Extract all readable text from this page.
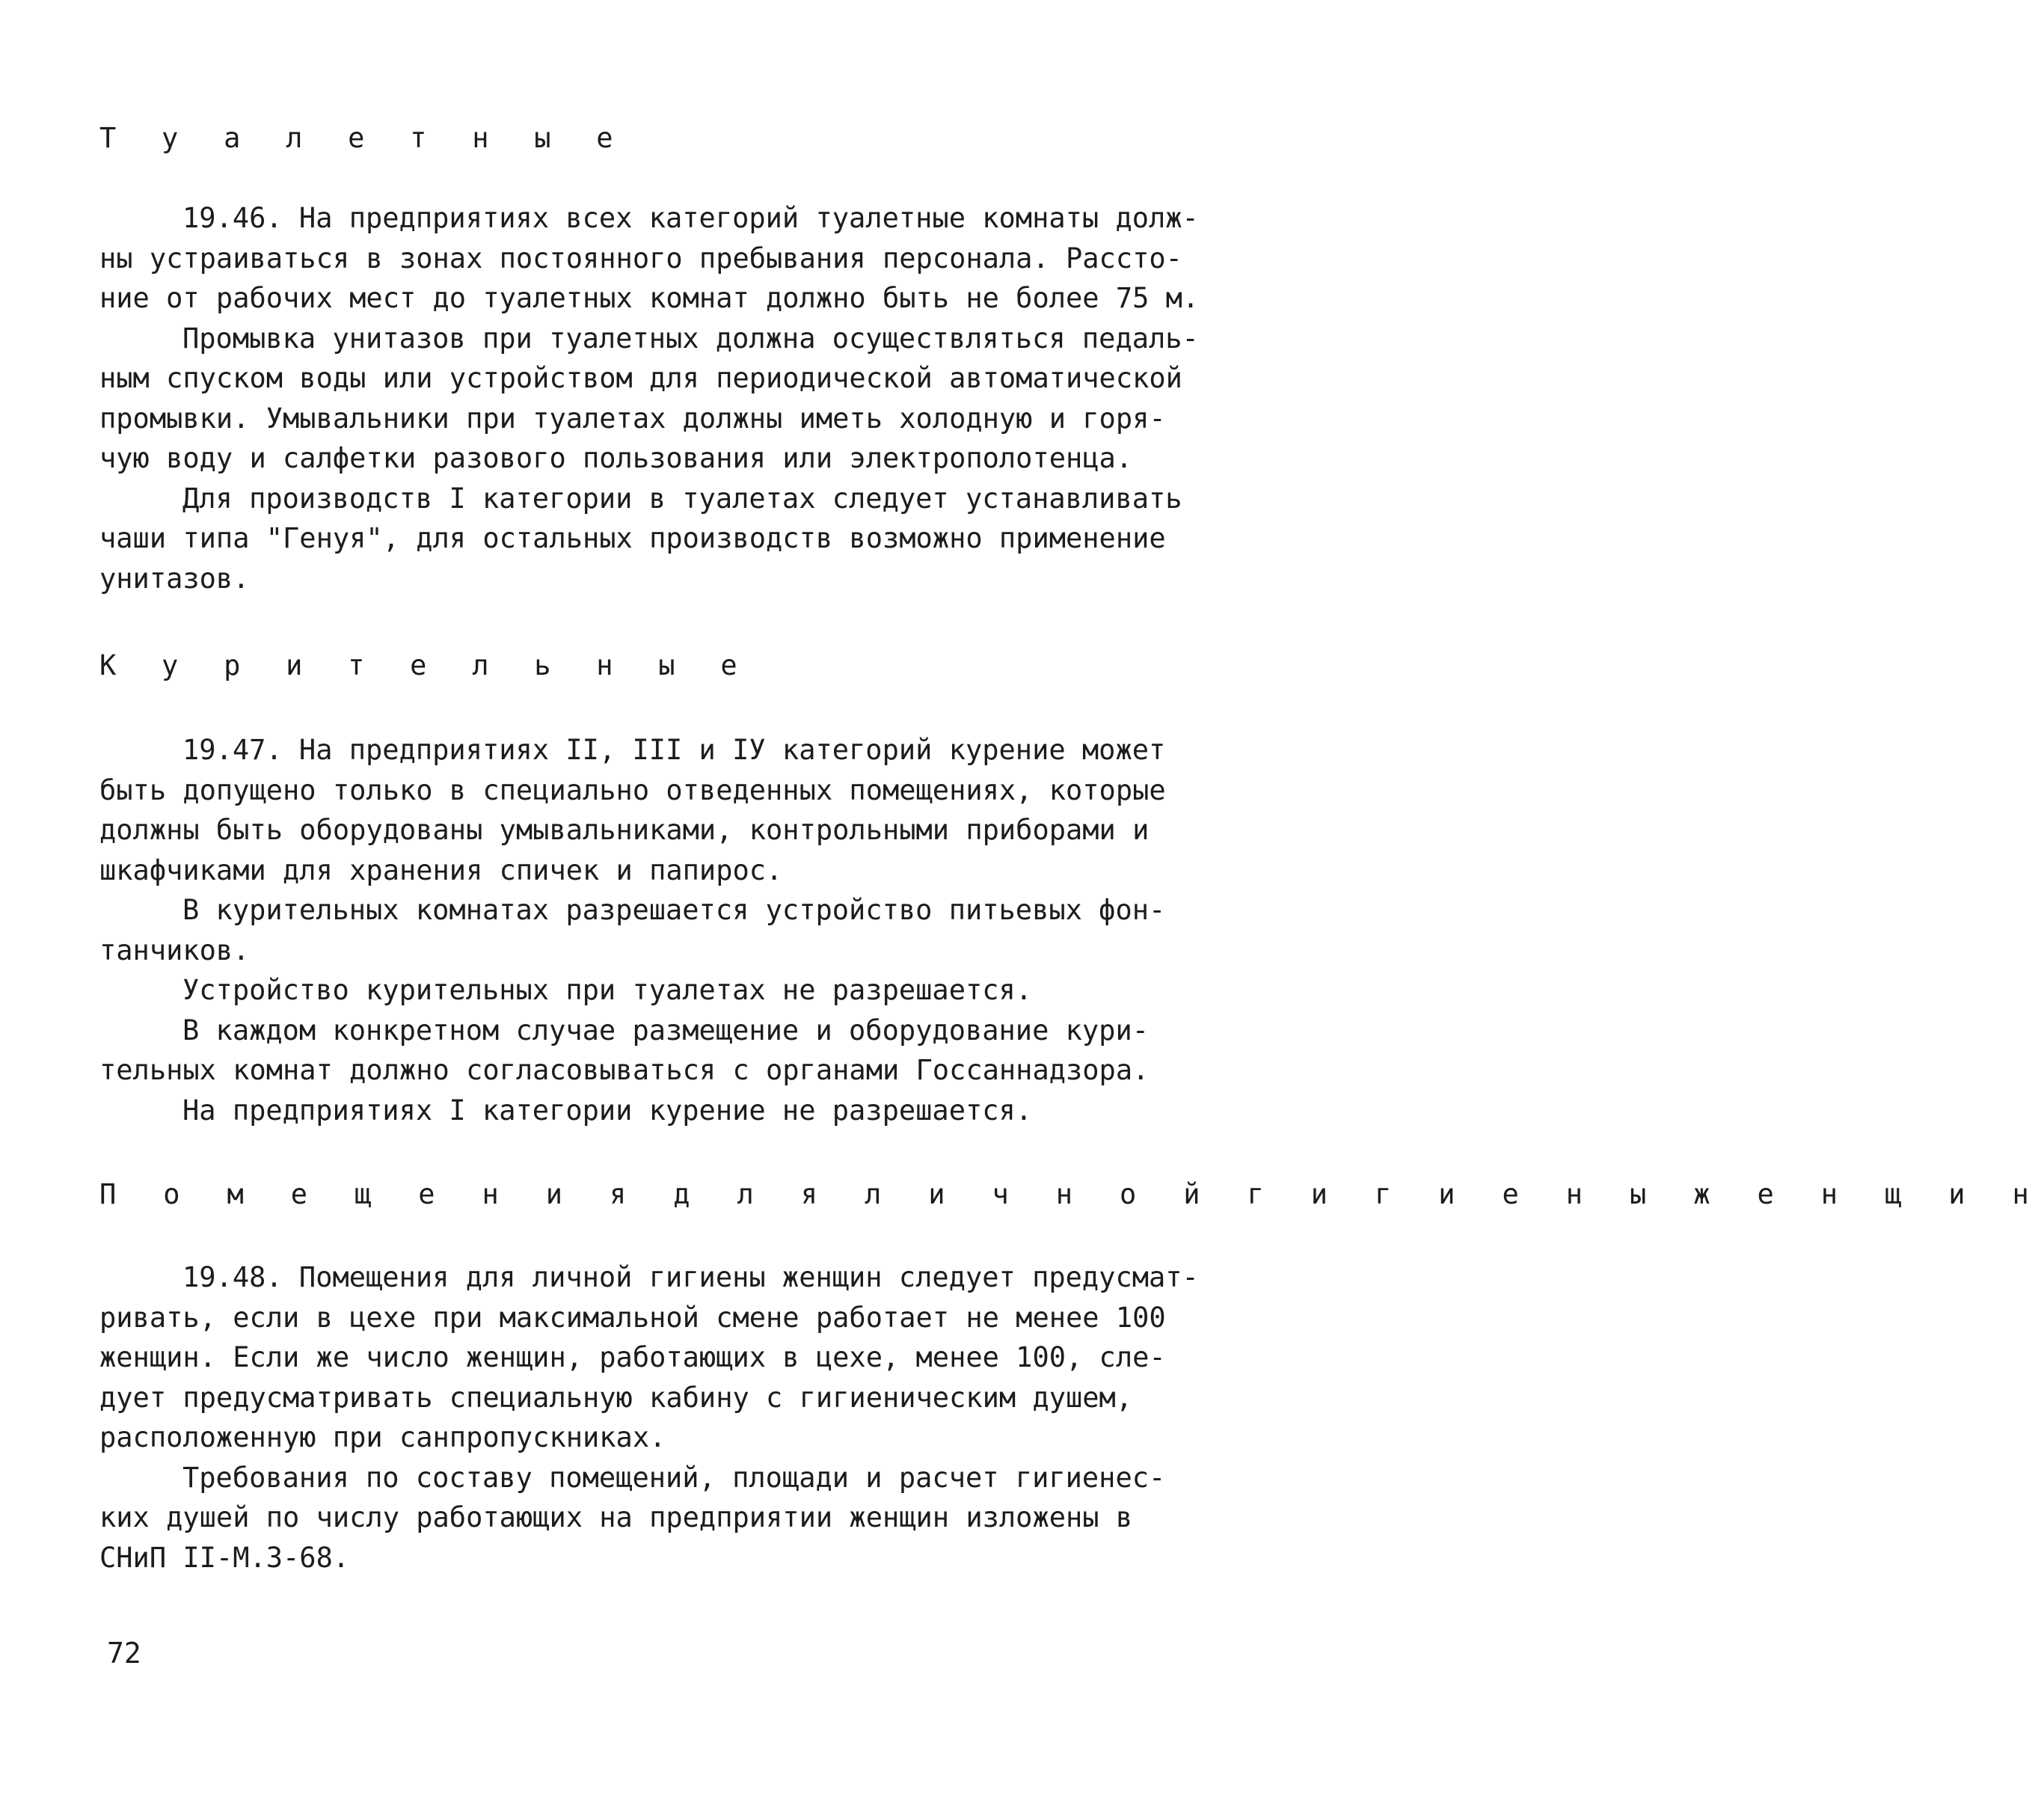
Т у а л е т н ы е

19.46. На предприятиях всех категорий туалетные комнаты долж-

ны устраиваться в зонах постоянного пребывания персонала. Рассто-

ние от рабочих мест до туалетных комнат должно быть не более 75 м.

Промывка унитазов при туалетных должна осуществляться педаль-

ным спуском воды или устройством для периодической автоматической

промывки. Умывальники при туалетах должны иметь холодную и горя-

чую воду и салфетки разового пользования или электрополотенца.

Для производств I категории в туалетах следует устанавливать

чаши типа "Генуя", для остальных производств возможно применение

унитазов.

К у р и т е л ь н ы е

19.47. На предприятиях II, III и IУ категорий курение может

быть допущено только в специально отведенных помещениях, которые

должны быть оборудованы умывальниками, контрольными приборами и

шкафчиками для хранения спичек и папирос.

В курительных комнатах разрешается устройство питьевых фон-

танчиков.

Устройство курительных при туалетах не разрешается.

В каждом конкретном случае размещение и оборудование кури-

тельных комнат должно согласовываться с органами Госсаннадзора.

На предприятиях I категории курение не разрешается.

П о м е щ е н и я д л я л и ч н о й г и г и е н ы ж е н щ и н

19.48. Помещения для личной гигиены женщин следует предусмат-

ривать, если в цехе при максимальной смене работает не менее 100

женщин. Если же число женщин, работающих в цехе, менее 100, сле-

дует предусматривать специальную кабину с гигиеническим душем,

расположенную при санпропускниках.

Требования по составу помещений, площади и расчет гигиенес-

ких душей по числу работающих на предприятии женщин изложены в

СНиП II-М.3-68.

72
